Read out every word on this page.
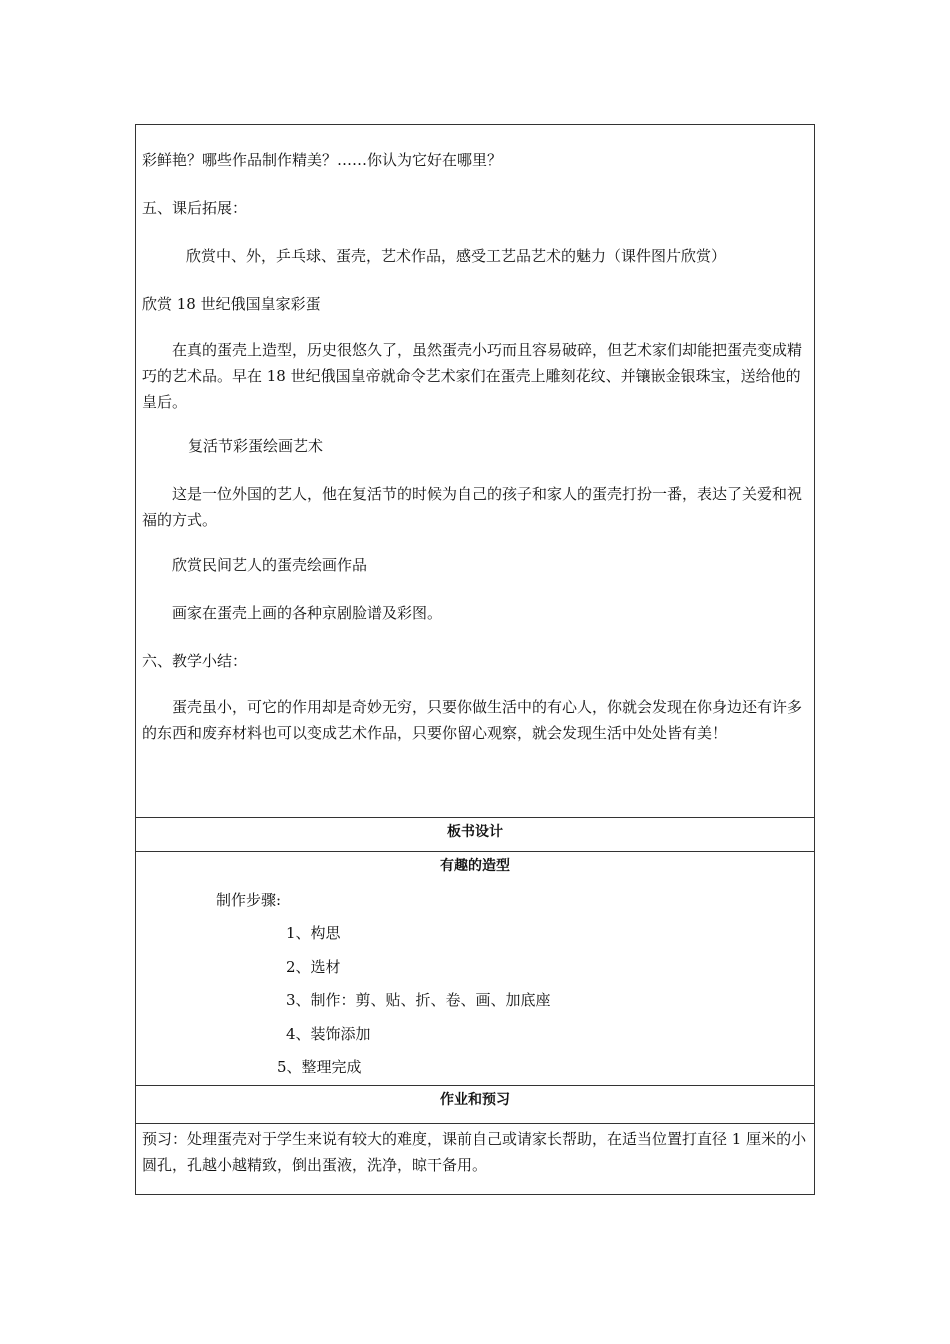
彩鲜艳？哪些作品制作精美？……你认为它好在哪里？
五、课后拓展：
欣赏中、外，乒乓球、蛋壳，艺术作品，感受工艺品艺术的魅力（课件图片欣赏）
欣赏 18 世纪俄国皇家彩蛋
在真的蛋壳上造型，历史很悠久了，虽然蛋壳小巧而且容易破碎，但艺术家们却能把蛋壳变成精巧的艺术品。早在 18 世纪俄国皇帝就命令艺术家们在蛋壳上雕刻花纹、并镶嵌金银珠宝，送给他的皇后。
复活节彩蛋绘画艺术
这是一位外国的艺人，他在复活节的时候为自己的孩子和家人的蛋壳打扮一番，表达了关爱和祝福的方式。
欣赏民间艺人的蛋壳绘画作品
画家在蛋壳上画的各种京剧脸谱及彩图。
六、教学小结：
蛋壳虽小，可它的作用却是奇妙无穷，只要你做生活中的有心人，你就会发现在你身边还有许多的东西和废弃材料也可以变成艺术作品，只要你留心观察，就会发现生活中处处皆有美！
板书设计
有趣的造型
制作步骤:
1、构思
2、选材
3、制作：剪、贴、折、卷、画、加底座
4、装饰添加
5、整理完成
作业和预习
预习：处理蛋壳对于学生来说有较大的难度，课前自己或请家长帮助，在适当位置打直径 1 厘米的小圆孔，孔越小越精致，倒出蛋液，洗净，晾干备用。
